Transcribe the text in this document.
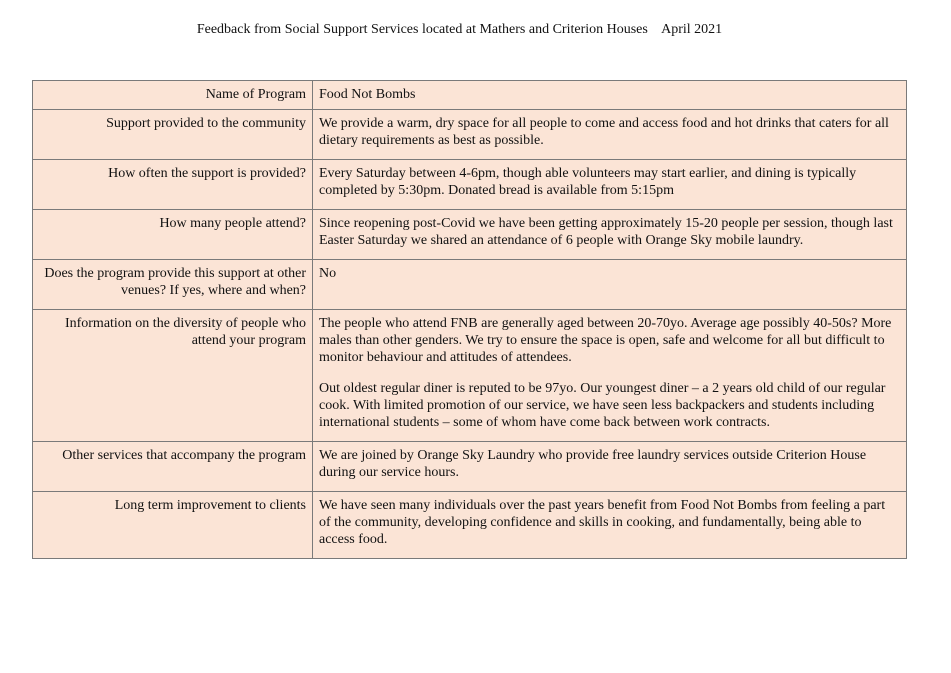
Feedback from Social Support Services located at Mathers and Criterion Houses April 2021
Name of Program	Food Not Bombs

Support provided to the community	We provide a warm, dry space for all people to come and access food and hot drinks that caters for all dietary requirements as best as possible.

How often the support is provided?	Every Saturday between 4-6pm, though able volunteers may start earlier, and dining is typically completed by 5:30pm. Donated bread is available from 5:15pm

How many people attend?	Since reopening post-Covid we have been getting approximately 15-20 people per session, though last Easter Saturday we shared an attendance of 6 people with Orange Sky mobile laundry.

Does the program provide this support at other venues? If yes, where and when?	No

Information on the diversity of people who attend your program	The people who attend FNB are generally aged between 20-70yo. Average age possibly 40-50s? More males than other genders. We try to ensure the space is open, safe and welcome for all but difficult to monitor behaviour and attitudes of attendees.

Out oldest regular diner is reputed to be 97yo. Our youngest diner – a 2 years old child of our regular cook. With limited promotion of our service, we have seen less backpackers and students including international students – some of whom have come back between work contracts.

Other services that accompany the program	We are joined by Orange Sky Laundry who provide free laundry services outside Criterion House during our service hours.

Long term improvement to clients	We have seen many individuals over the past years benefit from Food Not Bombs from feeling a part of the community, developing confidence and skills in cooking, and fundamentally, being able to access food.
